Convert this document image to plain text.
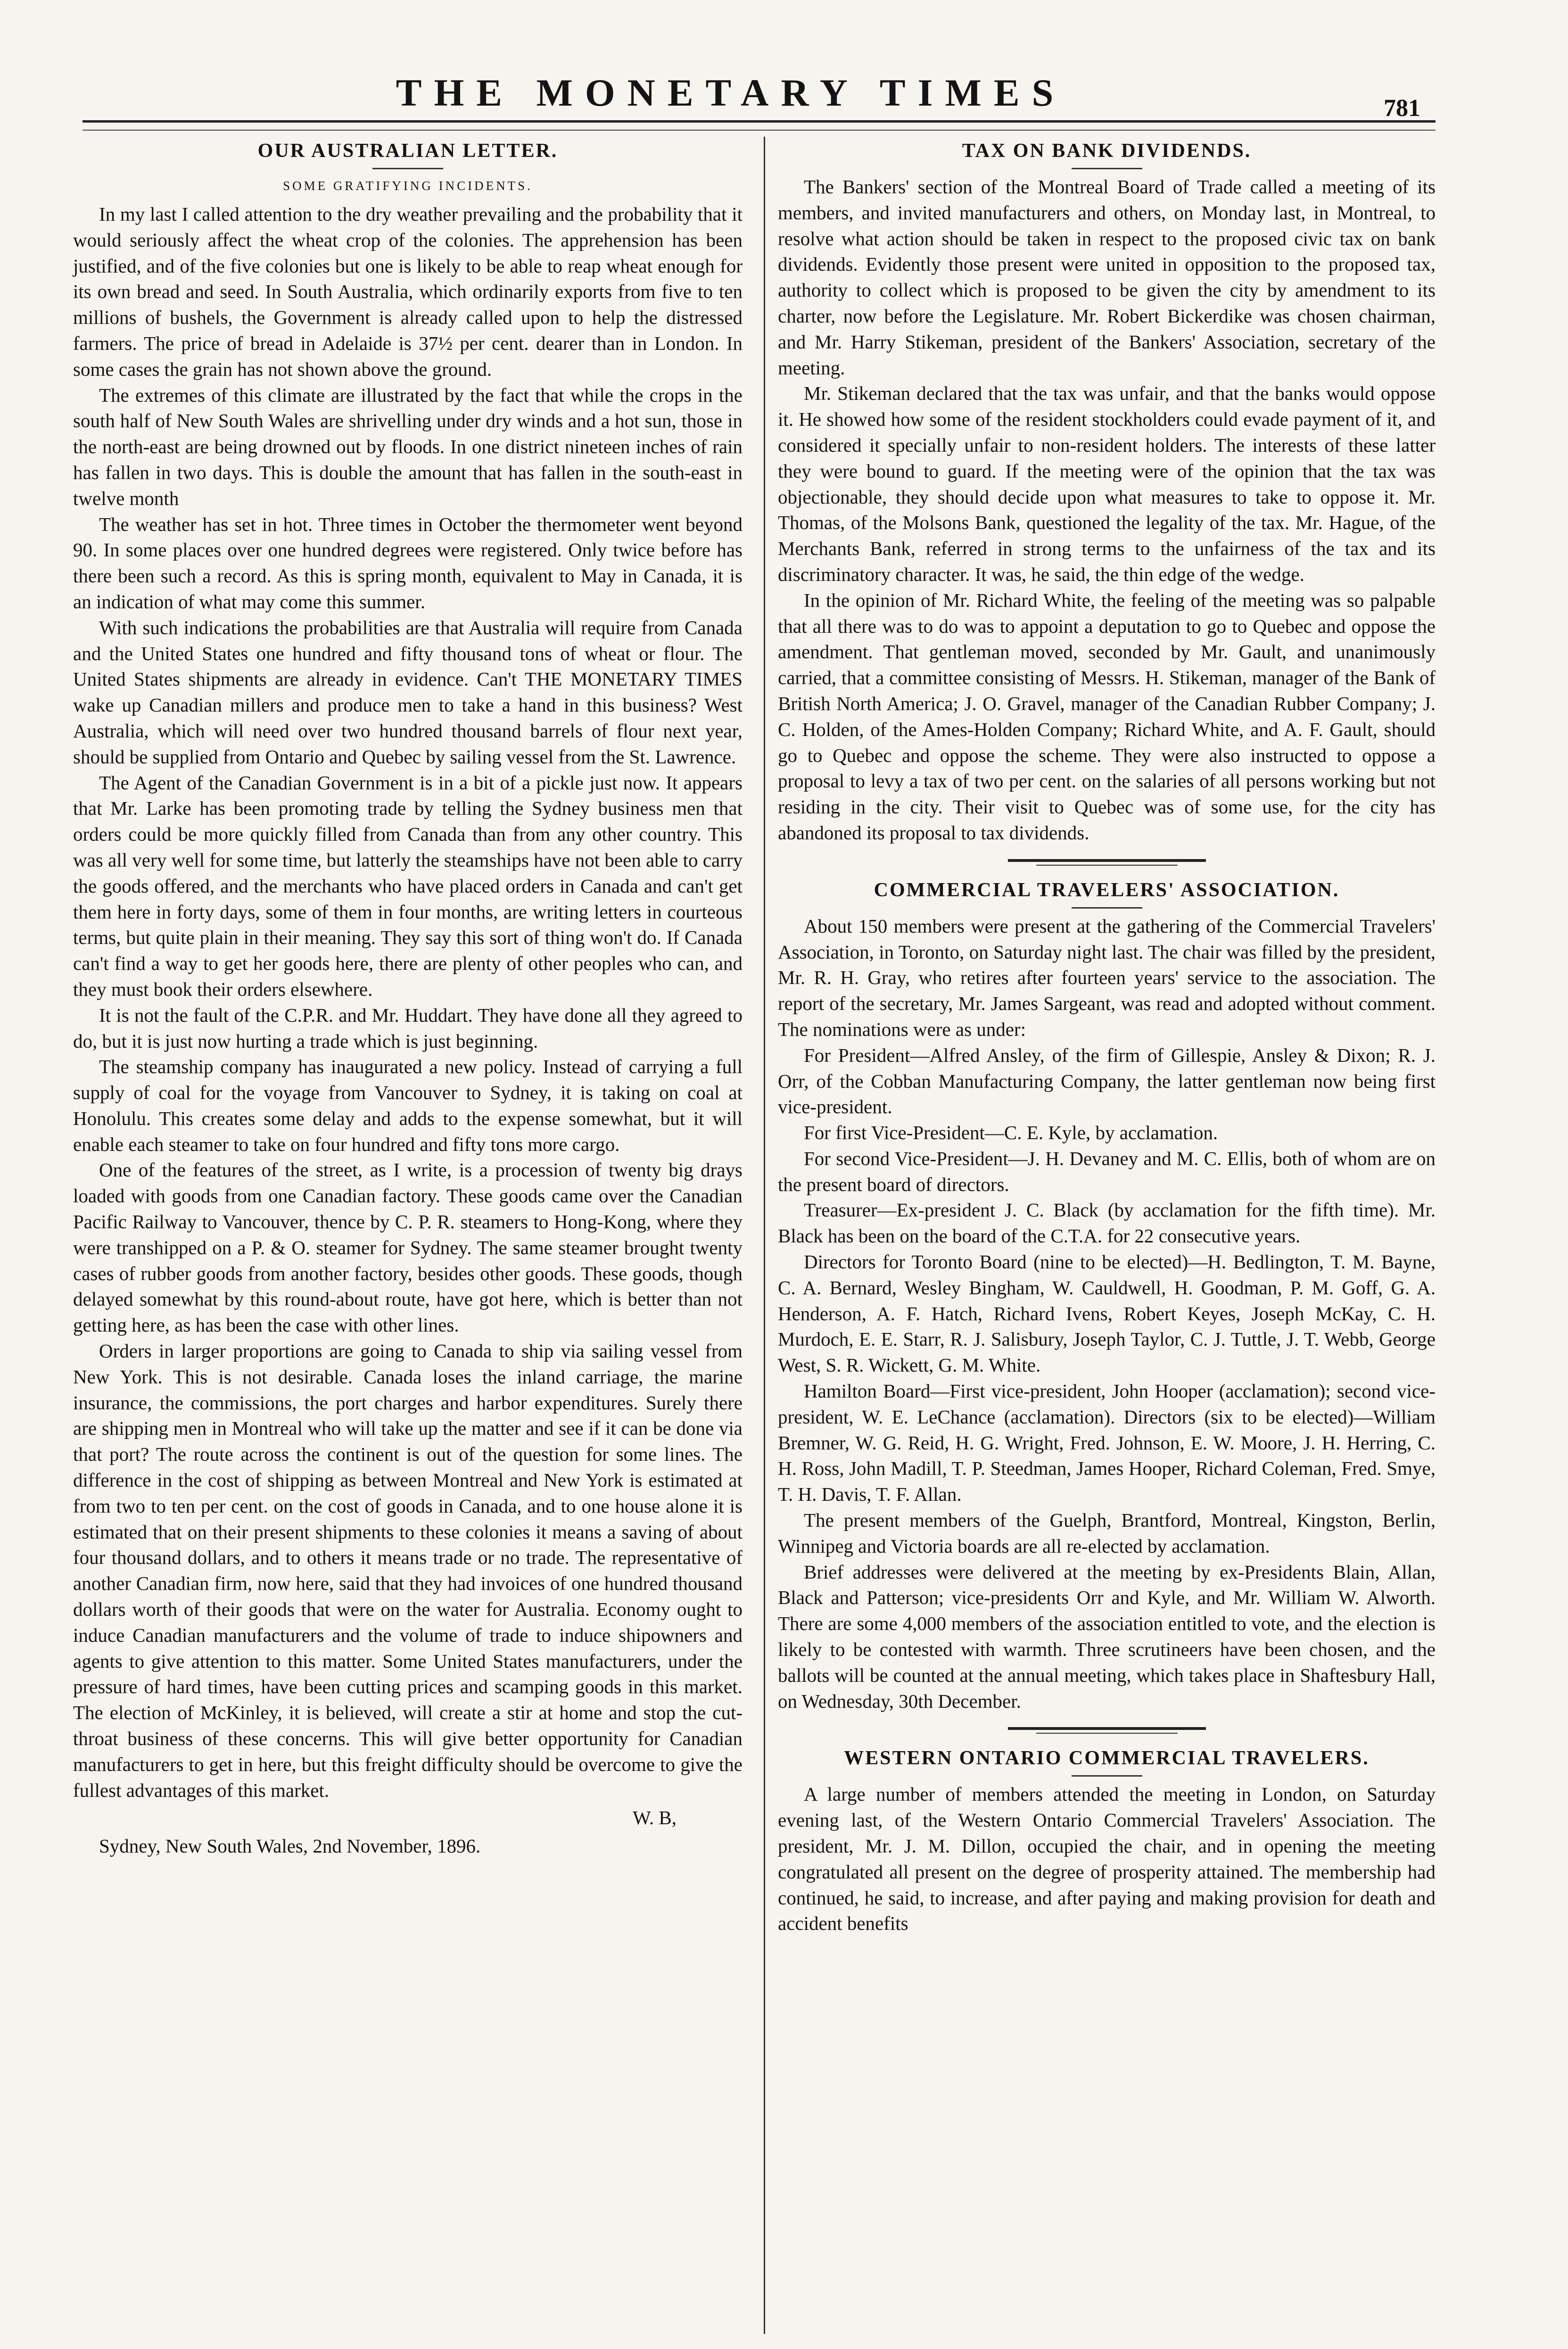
THE MONETARY TIMES	781
OUR AUSTRALIAN LETTER.
SOME GRATIFYING INCIDENTS.

In my last I called attention to the dry weather prevailing and the probability that it would seriously affect the wheat crop of the colonies. The apprehension has been justified, and of the five colonies but one is likely to be able to reap wheat enough for its own bread and seed. In South Australia, which ordinarily exports from five to ten millions of bushels, the Government is already called upon to help the distressed farmers. The price of bread in Adelaide is 37½ per cent. dearer than in London. In some cases the grain has not shown above the ground.

The extremes of this climate are illustrated by the fact that while the crops in the south half of New South Wales are shrivelling under dry winds and a hot sun, those in the north-east are being drowned out by floods. In one district nineteen inches of rain has fallen in two days. This is double the amount that has fallen in the south-east in twelve month

The weather has set in hot. Three times in October the thermometer went beyond 90. In some places over one hundred degrees were registered. Only twice before has there been such a record. As this is spring month, equivalent to May in Canada, it is an indication of what may come this summer.

With such indications the probabilities are that Australia will require from Canada and the United States one hundred and fifty thousand tons of wheat or flour. The United States shipments are already in evidence. Can't THE MONETARY TIMES wake up Canadian millers and produce men to take a hand in this business? West Australia, which will need over two hundred thousand barrels of flour next year, should be supplied from Ontario and Quebec by sailing vessel from the St. Lawrence.

The Agent of the Canadian Government is in a bit of a pickle just now. It appears that Mr. Larke has been promoting trade by telling the Sydney business men that orders could be more quickly filled from Canada than from any other country. This was all very well for some time, but latterly the steamships have not been able to carry the goods offered, and the merchants who have placed orders in Canada and can't get them here in forty days, some of them in four months, are writing letters in courteous terms, but quite plain in their meaning. They say this sort of thing won't do. If Canada can't find a way to get her goods here, there are plenty of other peoples who can, and they must book their orders elsewhere.

It is not the fault of the C.P.R. and Mr. Huddart. They have done all they agreed to do, but it is just now hurting a trade which is just beginning.

The steamship company has inaugurated a new policy. Instead of carrying a full supply of coal for the voyage from Vancouver to Sydney, it is taking on coal at Honolulu. This creates some delay and adds to the expense somewhat, but it will enable each steamer to take on four hundred and fifty tons more cargo.

One of the features of the street, as I write, is a procession of twenty big drays loaded with goods from one Canadian factory. These goods came over the Canadian Pacific Railway to Vancouver, thence by C. P. R. steamers to Hong-Kong, where they were transhipped on a P. & O. steamer for Sydney. The same steamer brought twenty cases of rubber goods from another factory, besides other goods. These goods, though delayed somewhat by this round-about route, have got here, which is better than not getting here, as has been the case with other lines.

Orders in larger proportions are going to Canada to ship via sailing vessel from New York. This is not desirable. Canada loses the inland carriage, the marine insurance, the commissions, the port charges and harbor expenditures. Surely there are shipping men in Montreal who will take up the matter and see if it can be done via that port? The route across the continent is out of the question for some lines. The difference in the cost of shipping as between Montreal and New York is estimated at from two to ten per cent. on the cost of goods in Canada, and to one house alone it is estimated that on their present shipments to these colonies it means a saving of about four thousand dollars, and to others it means trade or no trade. The representative of another Canadian firm, now here, said that they had invoices of one hundred thousand dollars worth of their goods that were on the water for Australia. Economy ought to induce Canadian manufacturers and the volume of trade to induce shipowners and agents to give attention to this matter. Some United States manufacturers, under the pressure of hard times, have been cutting prices and scamping goods in this market. The election of McKinley, it is believed, will create a stir at home and stop the cut-throat business of these concerns. This will give better opportunity for Canadian manufacturers to get in here, but this freight difficulty should be overcome to give the fullest advantages of this market.

W. B,
Sydney, New South Wales, 2nd November, 1896.
TAX ON BANK DIVIDENDS.

The Bankers' section of the Montreal Board of Trade called a meeting of its members, and invited manufacturers and others, on Monday last, in Montreal, to resolve what action should be taken in respect to the proposed civic tax on bank dividends. Evidently those present were united in opposition to the proposed tax, authority to collect which is proposed to be given the city by amendment to its charter, now before the Legislature. Mr. Robert Bickerdike was chosen chairman, and Mr. Harry Stikeman, president of the Bankers' Association, secretary of the meeting.

Mr. Stikeman declared that the tax was unfair, and that the banks would oppose it. He showed how some of the resident stockholders could evade payment of it, and considered it specially unfair to non-resident holders. The interests of these latter they were bound to guard. If the meeting were of the opinion that the tax was objectionable, they should decide upon what measures to take to oppose it. Mr. Thomas, of the Molsons Bank, questioned the legality of the tax. Mr. Hague, of the Merchants Bank, referred in strong terms to the unfairness of the tax and its discriminatory character. It was, he said, the thin edge of the wedge.

In the opinion of Mr. Richard White, the feeling of the meeting was so palpable that all there was to do was to appoint a deputation to go to Quebec and oppose the amendment. That gentleman moved, seconded by Mr. Gault, and unanimously carried, that a committee consisting of Messrs. H. Stikeman, manager of the Bank of British North America; J. O. Gravel, manager of the Canadian Rubber Company; J. C. Holden, of the Ames-Holden Company; Richard White, and A. F. Gault, should go to Quebec and oppose the scheme. They were also instructed to oppose a proposal to levy a tax of two per cent. on the salaries of all persons working but not residing in the city. Their visit to Quebec was of some use, for the city has abandoned its proposal to tax dividends.

COMMERCIAL TRAVELERS' ASSOCIATION.

About 150 members were present at the gathering of the Commercial Travelers' Association, in Toronto, on Saturday night last. The chair was filled by the president, Mr. R. H. Gray, who retires after fourteen years' service to the association. The report of the secretary, Mr. James Sargeant, was read and adopted without comment. The nominations were as under:

For President—Alfred Ansley, of the firm of Gillespie, Ansley & Dixon; R. J. Orr, of the Cobban Manufacturing Company, the latter gentleman now being first vice-president.

For first Vice-President—C. E. Kyle, by acclamation.

For second Vice-President—J. H. Devaney and M. C. Ellis, both of whom are on the present board of directors.

Treasurer—Ex-president J. C. Black (by acclamation for the fifth time). Mr. Black has been on the board of the C.T.A. for 22 consecutive years.

Directors for Toronto Board (nine to be elected)—H. Bedlington, T. M. Bayne, C. A. Bernard, Wesley Bingham, W. Cauldwell, H. Goodman, P. M. Goff, G. A. Henderson, A. F. Hatch, Richard Ivens, Robert Keyes, Joseph McKay, C. H. Murdoch, E. E. Starr, R. J. Salisbury, Joseph Taylor, C. J. Tuttle, J. T. Webb, George West, S. R. Wickett, G. M. White.

Hamilton Board—First vice-president, John Hooper (acclamation); second vice-president, W. E. LeChance (acclamation). Directors (six to be elected)—William Bremner, W. G. Reid, H. G. Wright, Fred. Johnson, E. W. Moore, J. H. Herring, C. H. Ross, John Madill, T. P. Steedman, James Hooper, Richard Coleman, Fred. Smye, T. H. Davis, T. F. Allan.

The present members of the Guelph, Brantford, Montreal, Kingston, Berlin, Winnipeg and Victoria boards are all re-elected by acclamation.

Brief addresses were delivered at the meeting by ex-Presidents Blain, Allan, Black and Patterson; vice-presidents Orr and Kyle, and Mr. William W. Alworth. There are some 4,000 members of the association entitled to vote, and the election is likely to be contested with warmth. Three scrutineers have been chosen, and the ballots will be counted at the annual meeting, which takes place in Shaftesbury Hall, on Wednesday, 30th December.

WESTERN ONTARIO COMMERCIAL TRAVELERS.

A large number of members attended the meeting in London, on Saturday evening last, of the Western Ontario Commercial Travelers' Association. The president, Mr. J. M. Dillon, occupied the chair, and in opening the meeting congratulated all present on the degree of prosperity attained. The membership had continued, he said, to increase, and after paying and making provision for death and accident benefits
